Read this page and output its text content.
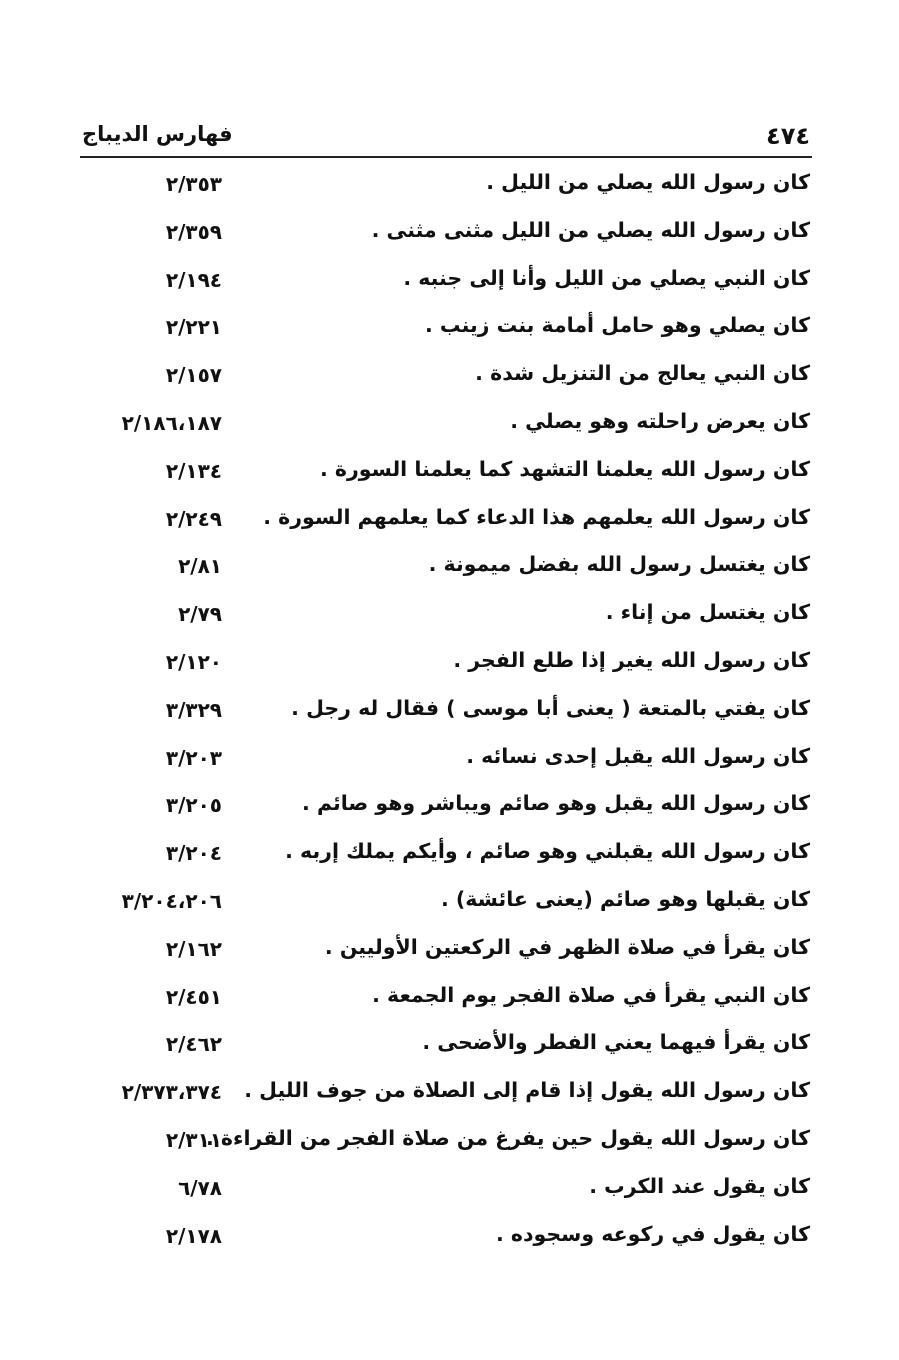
٤٧٤
فهارس الديباج
كان رسول الله يصلي من الليل .
٢/٣٥٣
كان رسول الله يصلي من الليل مثنى مثنى .
٢/٣٥٩
كان النبي يصلي من الليل وأنا إلى جنبه .
٢/١٩٤
كان يصلي وهو حامل أمامة بنت زينب .
٢/٢٢١
كان النبي يعالج من التنزيل شدة .
٢/١٥٧
كان يعرض راحلته وهو يصلي .
٢/١٨٦،١٨٧
كان رسول الله يعلمنا التشهد كما يعلمنا السورة .
٢/١٣٤
كان رسول الله يعلمهم هذا الدعاء كما يعلمهم السورة .
٢/٢٤٩
كان يغتسل رسول الله بفضل ميمونة .
٢/٨١
كان يغتسل من إناء .
٢/٧٩
كان رسول الله يغير إذا طلع الفجر .
٢/١٢٠
كان يفتي بالمتعة ( يعنى أبا موسى ) فقال له رجل .
٣/٣٢٩
كان رسول الله يقبل إحدى نسائه .
٣/٢٠٣
كان رسول الله يقبل وهو صائم ويباشر وهو صائم .
٣/٢٠٥
كان رسول الله يقبلني وهو صائم ، وأيكم يملك إربه .
٣/٢٠٤
كان يقبلها وهو صائم (يعنى عائشة) .
٣/٢٠٤،٢٠٦
كان يقرأ في صلاة الظهر في الركعتين الأوليين .
٢/١٦٢
كان النبي يقرأ في صلاة الفجر يوم الجمعة .
٢/٤٥١
كان يقرأ فيهما يعني الفطر والأضحى .
٢/٤٦٢
كان رسول الله يقول إذا قام إلى الصلاة من جوف الليل .
٢/٣٧٣،٣٧٤
كان رسول الله يقول حين يفرغ من صلاة الفجر من القراءة .
٢/٣١١
كان يقول عند الكرب .
٦/٧٨
كان يقول في ركوعه وسجوده .
٢/١٧٨
